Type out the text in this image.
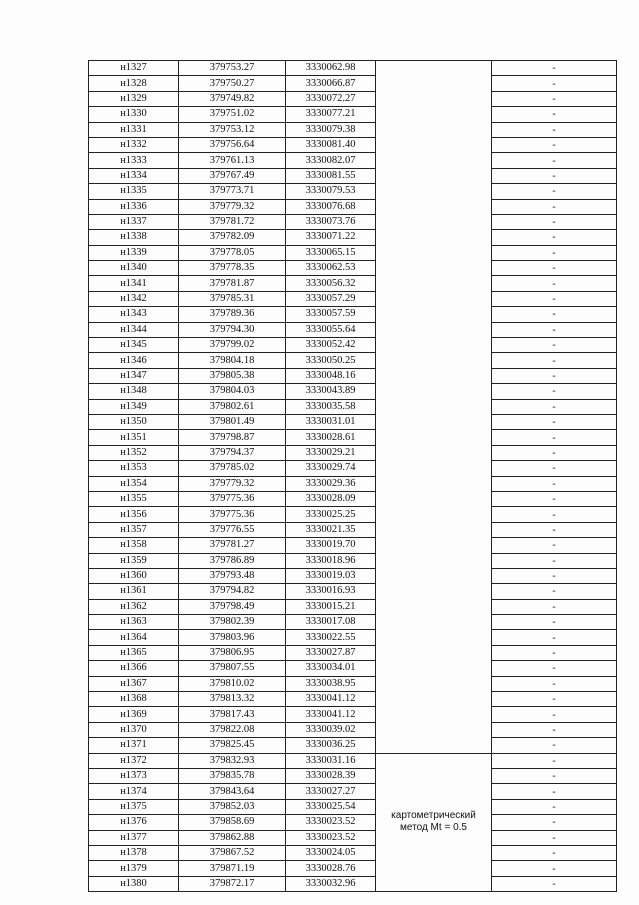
н1327	379753.27	3330062.98		-
н1328	379750.27	3330066.87		-
н1329	379749.82	3330072.27		-
н1330	379751.02	3330077.21		-
н1331	379753.12	3330079.38		-
н1332	379756.64	3330081.40		-
н1333	379761.13	3330082.07		-
н1334	379767.49	3330081.55		-
н1335	379773.71	3330079.53		-
н1336	379779.32	3330076.68		-
н1337	379781.72	3330073.76		-
н1338	379782.09	3330071.22		-
н1339	379778.05	3330065.15		-
н1340	379778.35	3330062.53		-
н1341	379781.87	3330056.32		-
н1342	379785.31	3330057.29		-
н1343	379789.36	3330057.59		-
н1344	379794.30	3330055.64		-
н1345	379799.02	3330052.42		-
н1346	379804.18	3330050.25		-
н1347	379805.38	3330048.16		-
н1348	379804.03	3330043.89		-
н1349	379802.61	3330035.58		-
н1350	379801.49	3330031.01		-
н1351	379798.87	3330028.61		-
н1352	379794.37	3330029.21		-
н1353	379785.02	3330029.74		-
н1354	379779.32	3330029.36		-
н1355	379775.36	3330028.09		-
н1356	379775.36	3330025.25		-
н1357	379776.55	3330021.35		-
н1358	379781.27	3330019.70		-
н1359	379786.89	3330018.96		-
н1360	379793.48	3330019.03		-
н1361	379794.82	3330016.93		-
н1362	379798.49	3330015.21		-
н1363	379802.39	3330017.08		-
н1364	379803.96	3330022.55		-
н1365	379806.95	3330027.87		-
н1366	379807.55	3330034.01		-
н1367	379810.02	3330038.95		-
н1368	379813.32	3330041.12		-
н1369	379817.43	3330041.12		-
н1370	379822.08	3330039.02		-
н1371	379825.45	3330036.25		-
н1372	379832.93	3330031.16	картометрический метод Mt = 0.5	-
н1373	379835.78	3330028.39		-
н1374	379843.64	3330027.27		-
н1375	379852.03	3330025.54		-
н1376	379858.69	3330023.52		-
н1377	379862.88	3330023.52		-
н1378	379867.52	3330024.05		-
н1379	379871.19	3330028.76		-
н1380	379872.17	3330032.96		-
